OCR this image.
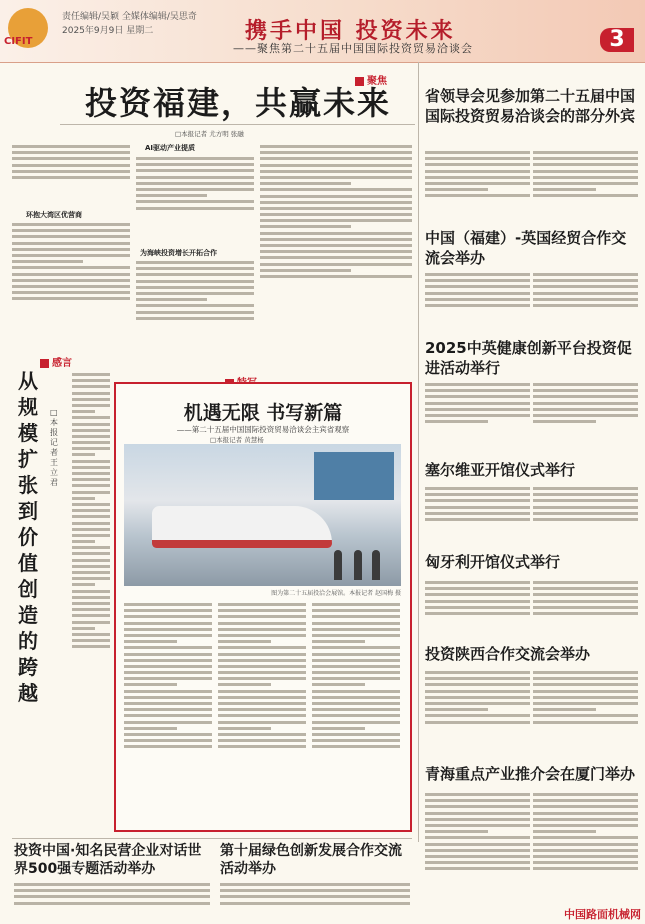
CIFIT
责任编辑/吴颖 全媒体编辑/吴思奇
2025年9月9日 星期二	携手中国 投资未来
——聚焦第二十五届中国国际投资贸易洽谈会	3
聚焦
投资福建，共赢未来
□本报记者 尤方明 张融
环抱大湾区优营商
AI驱动产业提质
为海峡投资增长开拓合作
感言
从规模扩张到价值创造的跨越
□本报记者 王立君
机遇无限 书写新篇
——第二十五届中国国际投资贸易洽谈会主宾省观察
□本报记者 黄慧杨
图为第二十五届投洽会展馆。本报记者 赵国梅 摄
省领导会见参加第二十五届中国国际投资贸易洽谈会的部分外宾
中国（福建）-英国经贸合作交流会举办
2025中英健康创新平台投资促进活动举行
塞尔维亚开馆仪式举行
匈牙利开馆仪式举行
投资陕西合作交流会举办
青海重点产业推介会在厦门举办
投资中国·知名民营企业对话世界500强专题活动举办
第十届绿色创新发展合作交流活动举办
中国路面机械网
